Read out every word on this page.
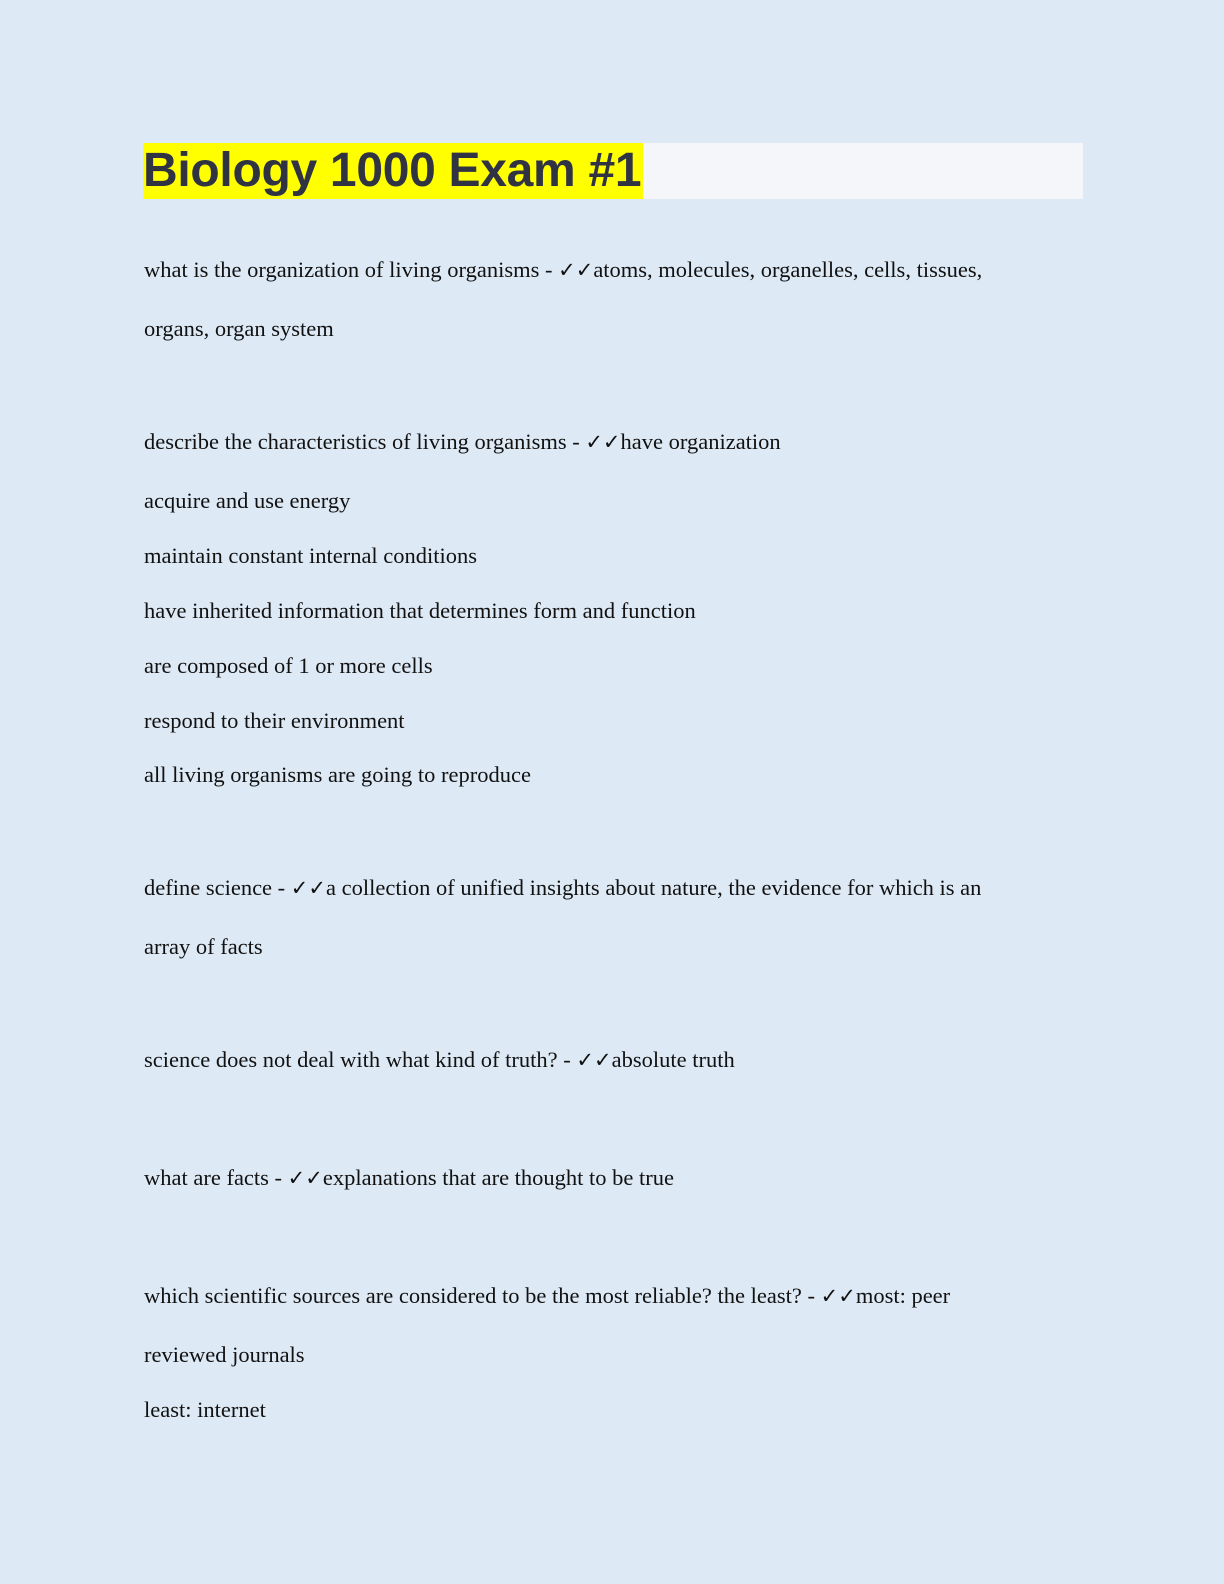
Biology 1000 Exam #1
what is the organization of living organisms - ✓✓atoms, molecules, organelles, cells, tissues,
organs, organ system
describe the characteristics of living organisms - ✓✓have organization
acquire and use energy
maintain constant internal conditions
have inherited information that determines form and function
are composed of 1 or more cells
respond to their environment
all living organisms are going to reproduce
define science - ✓✓a collection of unified insights about nature, the evidence for which is an
array of facts
science does not deal with what kind of truth? - ✓✓absolute truth
what are facts - ✓✓explanations that are thought to be true
which scientific sources are considered to be the most reliable? the least? - ✓✓most: peer
reviewed journals
least: internet
